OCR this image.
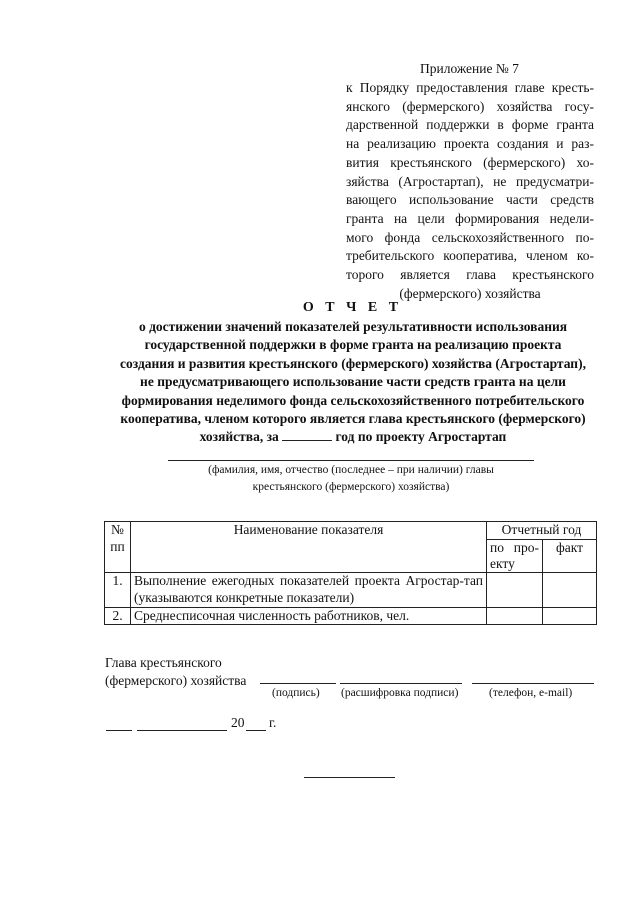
Приложение № 7
к Порядку предоставления главе кресть-
янского (фермерского) хозяйства госу-
дарственной поддержки в форме гранта
на реализацию проекта создания и раз-
вития крестьянского (фермерского) хо-
зяйства (Агростартап), не предусматри-
вающего использование части средств
гранта на цели формирования недели-
мого фонда сельскохозяйственного по-
требительского кооператива, членом ко-
торого является глава крестьянского
(фермерского) хозяйства
О Т Ч Е Т
о достижении значений показателей результативности использования
государственной поддержки в форме гранта на реализацию проекта
создания и развития крестьянского (фермерского) хозяйства (Агростартап),
не предусматривающего использование части средств гранта на цели
формирования неделимого фонда сельскохозяйственного потребительского
кооператива, членом которого является глава крестьянского (фермерского)
хозяйства, за	год по проекту Агростартап
(фамилия, имя, отчество (последнее – при наличии) главы
крестьянского (фермерского) хозяйства)
№
пп	Наименование показателя	Отчетный год	
		по про-екту	факт
1.	Выполнение ежегодных показателей проекта Агростар-тап (указываются конкретные показатели)		
2.	Среднесписочная численность работников, чел.		
Глава крестьянского
(фермерского) хозяйства
(подпись) (расшифровка подписи)	(телефон, e-mail)
20 г.
